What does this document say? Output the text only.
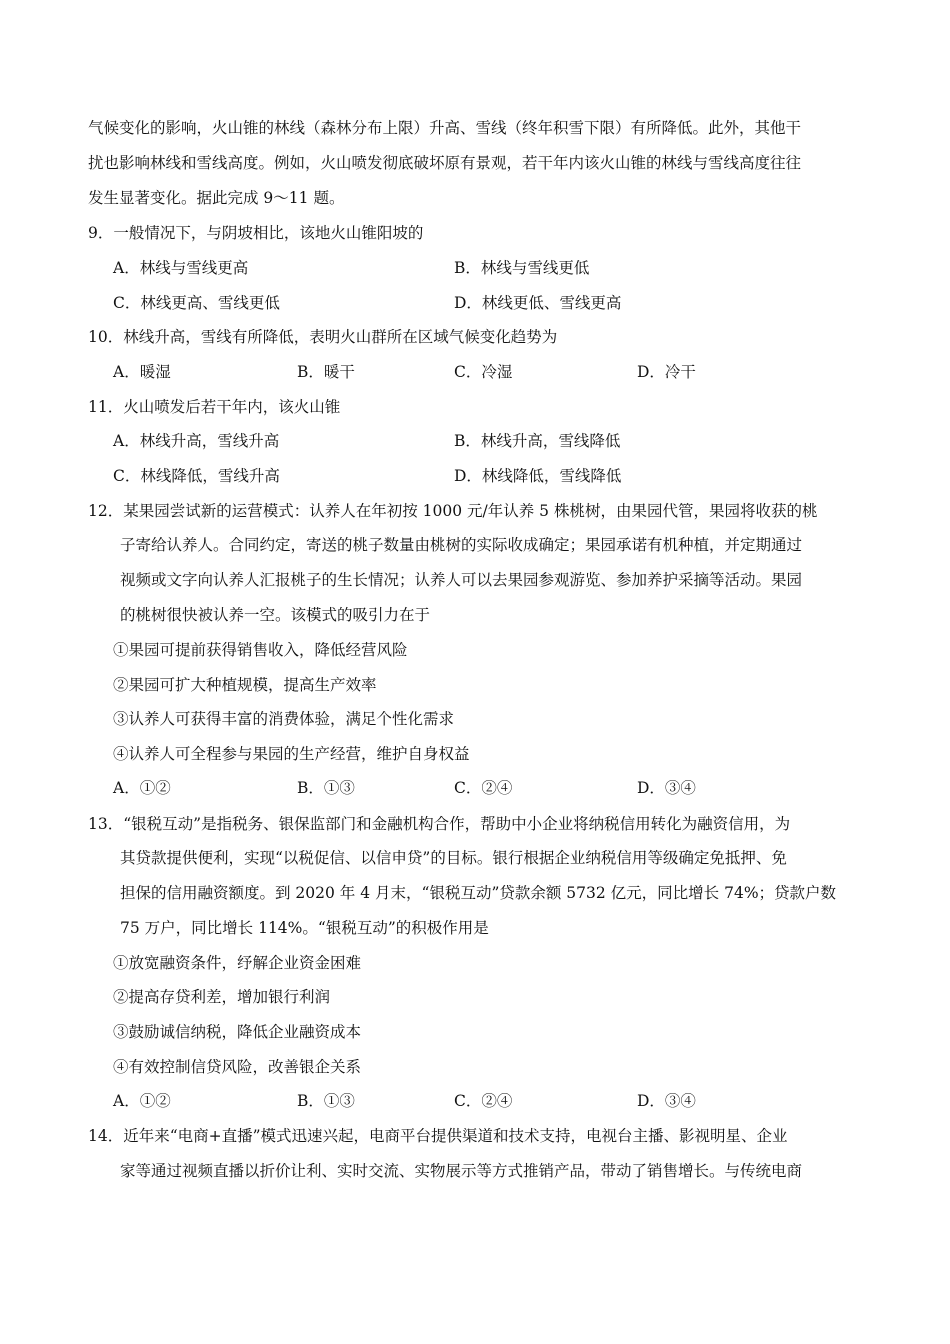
气候变化的影响，火山锥的林线（森林分布上限）升高、雪线（终年积雪下限）有所降低。此外，其他干
扰也影响林线和雪线高度。例如，火山喷发彻底破坏原有景观，若干年内该火山锥的林线与雪线高度往往
发生显著变化。据此完成 9～11 题。
9．一般情况下，与阴坡相比，该地火山锥阳坡的
A．林线与雪线更高	B．林线与雪线更低
C．林线更高、雪线更低	D．林线更低、雪线更高
10．林线升高，雪线有所降低，表明火山群所在区域气候变化趋势为
A．暖湿	B．暖干	C．冷湿	D．冷干
11．火山喷发后若干年内，该火山锥
A．林线升高，雪线升高	B．林线升高，雪线降低
C．林线降低，雪线升高	D．林线降低，雪线降低
12．某果园尝试新的运营模式：认养人在年初按 1000 元/年认养 5 株桃树，由果园代管，果园将收获的桃
子寄给认养人。合同约定，寄送的桃子数量由桃树的实际收成确定；果园承诺有机种植，并定期通过
视频或文字向认养人汇报桃子的生长情况；认养人可以去果园参观游览、参加养护采摘等活动。果园
的桃树很快被认养一空。该模式的吸引力在于
①果园可提前获得销售收入，降低经营风险
②果园可扩大种植规模，提高生产效率
③认养人可获得丰富的消费体验，满足个性化需求
④认养人可全程参与果园的生产经营，维护自身权益
A．①②	B．①③	C．②④	D．③④
13．“银税互动”是指税务、银保监部门和金融机构合作，帮助中小企业将纳税信用转化为融资信用，为
其贷款提供便利，实现“以税促信、以信申贷”的目标。银行根据企业纳税信用等级确定免抵押、免
担保的信用融资额度。到 2020 年 4 月末，“银税互动”贷款余额 5732 亿元，同比增长 74%；贷款户数
75 万户，同比增长 114%。“银税互动”的积极作用是
①放宽融资条件，纾解企业资金困难
②提高存贷利差，增加银行利润
③鼓励诚信纳税，降低企业融资成本
④有效控制信贷风险，改善银企关系
A．①②	B．①③	C．②④	D．③④
14．近年来“电商+直播”模式迅速兴起，电商平台提供渠道和技术支持，电视台主播、影视明星、企业
家等通过视频直播以折价让利、实时交流、实物展示等方式推销产品，带动了销售增长。与传统电商
